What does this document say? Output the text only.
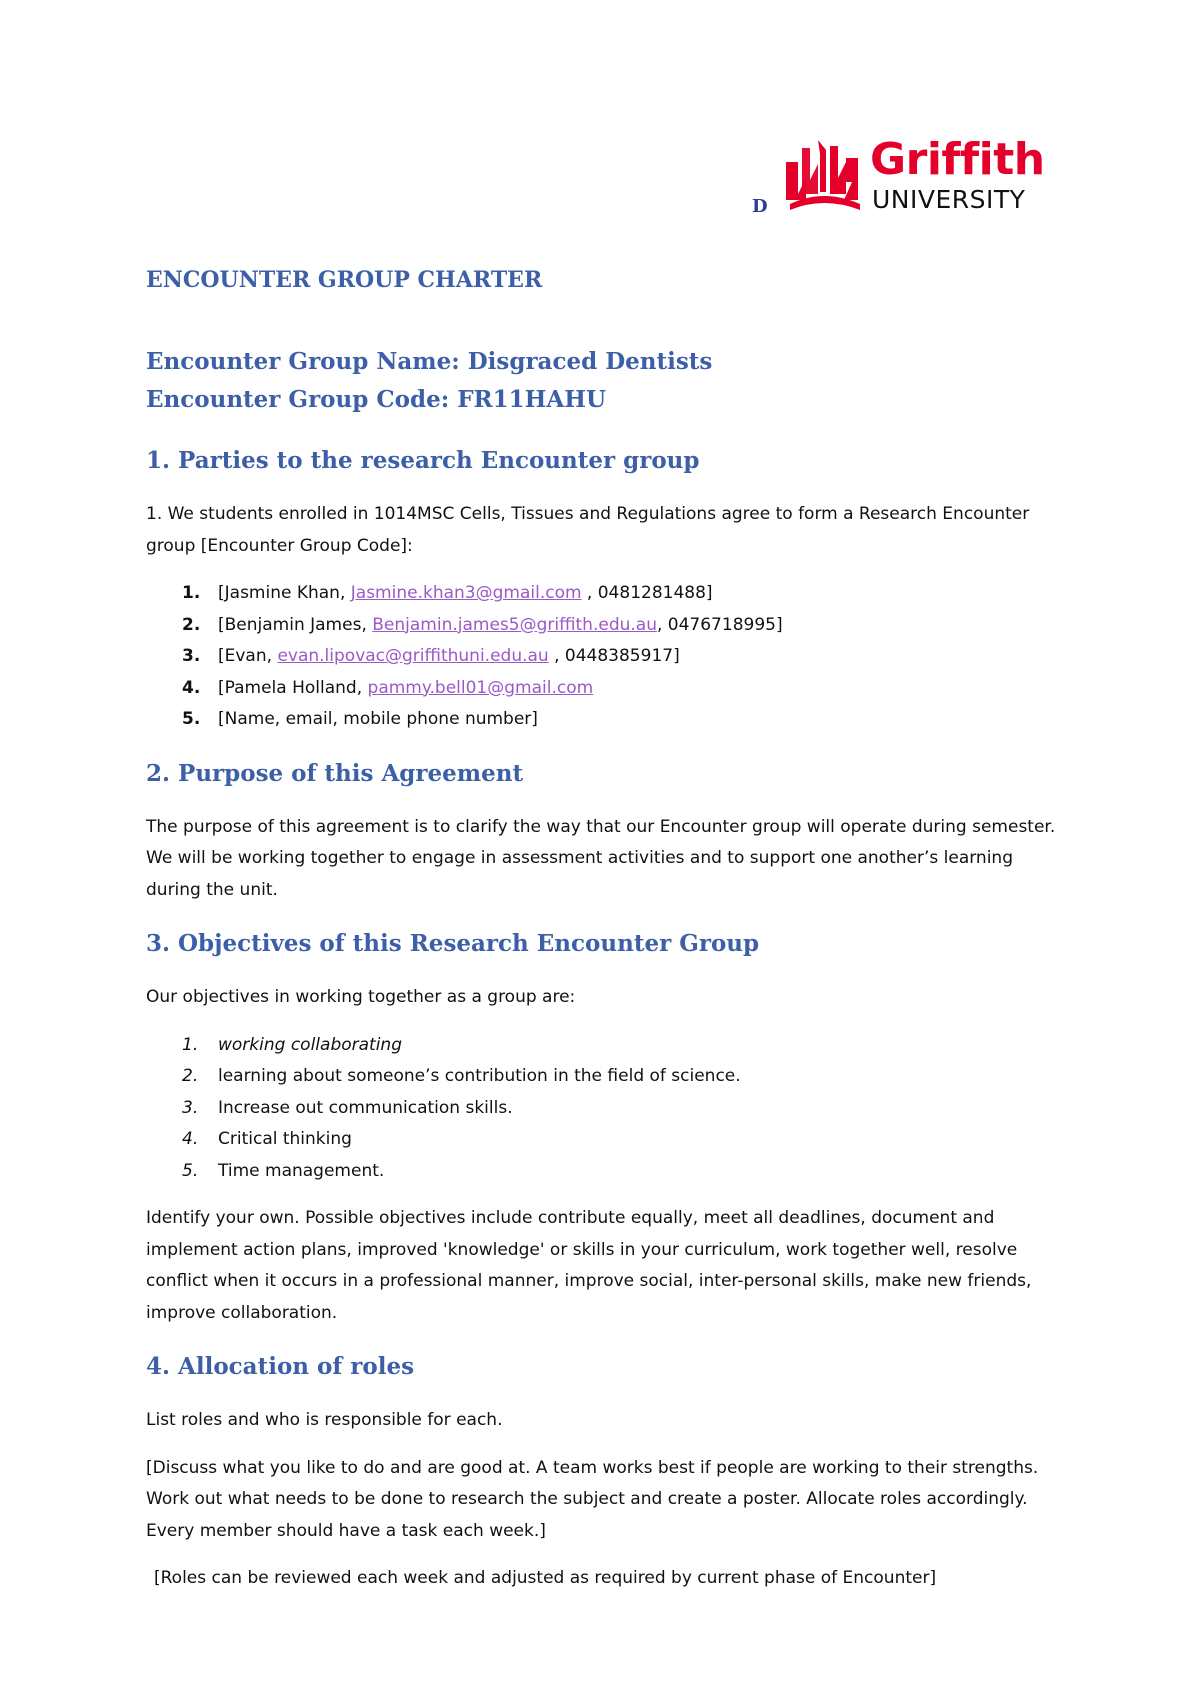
D
Griffith
UNIVERSITY
ENCOUNTER GROUP CHARTER
Encounter Group Name: Disgraced Dentists
Encounter Group Code: FR11HAHU
1. Parties to the research Encounter group

1. We students enrolled in 1014MSC Cells, Tissues and Regulations agree to form a Research Encounter group [Encounter Group Code]:

1. [Jasmine Khan, Jasmine.khan3@gmail.com , 0481281488]
2. [Benjamin James, Benjamin.james5@griffith.edu.au, 0476718995]
3. [Evan, evan.lipovac@griffithuni.edu.au , 0448385917]
4. [Pamela Holland, pammy.bell01@gmail.com
5. [Name, email, mobile phone number]
2. Purpose of this Agreement

The purpose of this agreement is to clarify the way that our Encounter group will operate during semester. We will be working together to engage in assessment activities and to support one another’s learning during the unit.

3. Objectives of this Research Encounter Group

Our objectives in working together as a group are:

1. working collaborating
2. learning about someone’s contribution in the field of science.
3. Increase out communication skills.
4. Critical thinking
5. Time management.

Identify your own. Possible objectives include contribute equally, meet all deadlines, document and implement action plans, improved 'knowledge' or skills in your curriculum, work together well, resolve conflict when it occurs in a professional manner, improve social, inter-personal skills, make new friends, improve collaboration.

4. Allocation of roles

List roles and who is responsible for each.

[Discuss what you like to do and are good at. A team works best if people are working to their strengths. Work out what needs to be done to research the subject and create a poster. Allocate roles accordingly. Every member should have a task each week.]

[Roles can be reviewed each week and adjusted as required by current phase of Encounter]
